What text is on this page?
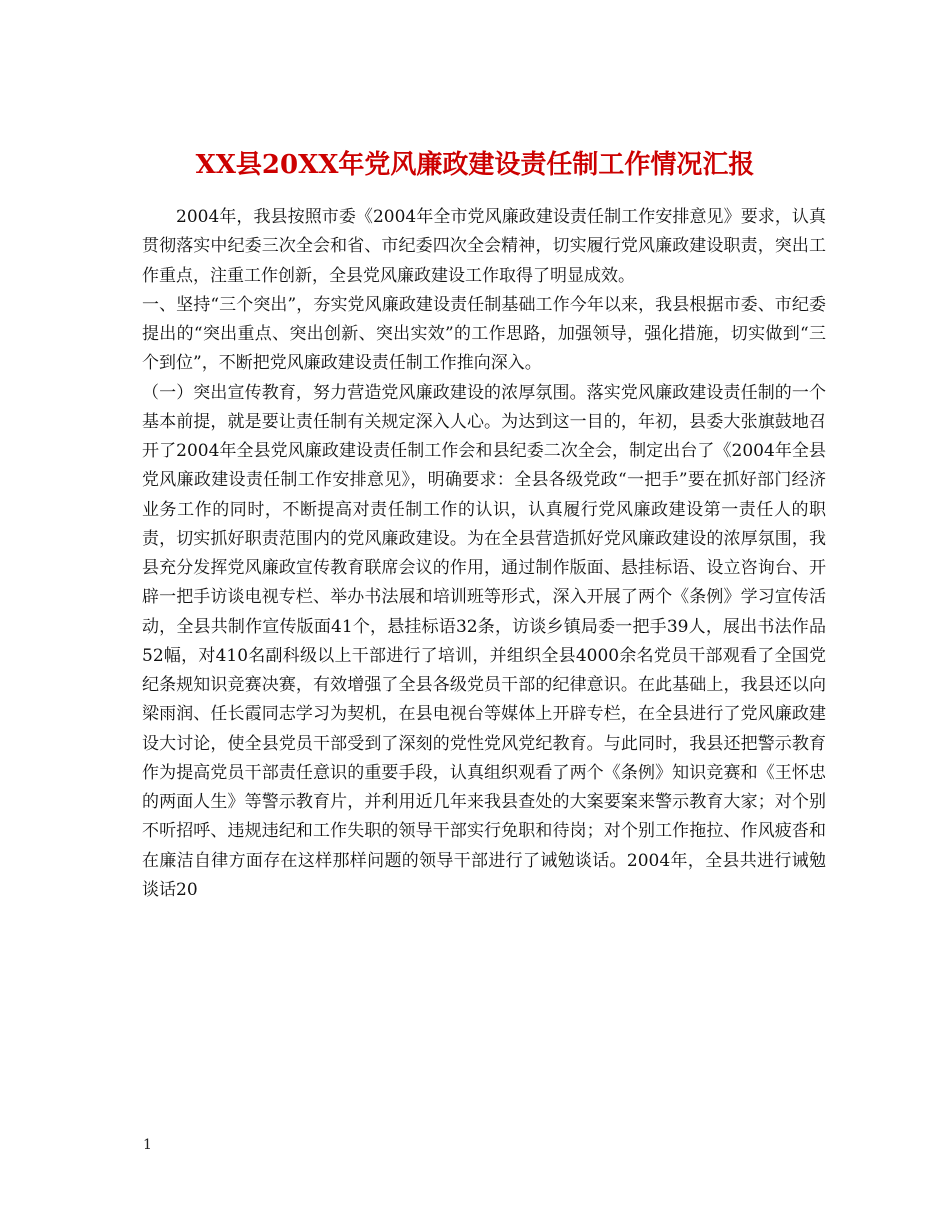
XX县20XX年党风廉政建设责任制工作情况汇报

2004年，我县按照市委《2004年全市党风廉政建设责任制工作安排意见》要求，认真贯彻落实中纪委三次全会和省、市纪委四次全会精神，切实履行党风廉政建设职责，突出工作重点，注重工作创新，全县党风廉政建设工作取得了明显成效。

一、坚持“三个突出”，夯实党风廉政建设责任制基础工作今年以来，我县根据市委、市纪委提出的“突出重点、突出创新、突出实效”的工作思路，加强领导，强化措施，切实做到“三个到位”，不断把党风廉政建设责任制工作推向深入。

（一）突出宣传教育，努力营造党风廉政建设的浓厚氛围。落实党风廉政建设责任制的一个基本前提，就是要让责任制有关规定深入人心。为达到这一目的，年初，县委大张旗鼓地召开了2004年全县党风廉政建设责任制工作会和县纪委二次全会，制定出台了《2004年全县党风廉政建设责任制工作安排意见》，明确要求：全县各级党政“一把手”要在抓好部门经济业务工作的同时，不断提高对责任制工作的认识，认真履行党风廉政建设第一责任人的职责，切实抓好职责范围内的党风廉政建设。为在全县营造抓好党风廉政建设的浓厚氛围，我县充分发挥党风廉政宣传教育联席会议的作用，通过制作版面、悬挂标语、设立咨询台、开辟一把手访谈电视专栏、举办书法展和培训班等形式，深入开展了两个《条例》学习宣传活动，全县共制作宣传版面41个，悬挂标语32条，访谈乡镇局委一把手39人，展出书法作品52幅，对410名副科级以上干部进行了培训，并组织全县4000余名党员干部观看了全国党纪条规知识竞赛决赛，有效增强了全县各级党员干部的纪律意识。在此基础上，我县还以向梁雨润、任长霞同志学习为契机，在县电视台等媒体上开辟专栏，在全县进行了党风廉政建设大讨论，使全县党员干部受到了深刻的党性党风党纪教育。与此同时，我县还把警示教育作为提高党员干部责任意识的重要手段，认真组织观看了两个《条例》知识竞赛和《王怀忠的两面人生》等警示教育片，并利用近几年来我县查处的大案要案来警示教育大家；对个别不听招呼、违规违纪和工作失职的领导干部实行免职和待岗；对个别工作拖拉、作风疲沓和在廉洁自律方面存在这样那样问题的领导干部进行了诫勉谈话。2004年，全县共进行诫勉谈话20

1
